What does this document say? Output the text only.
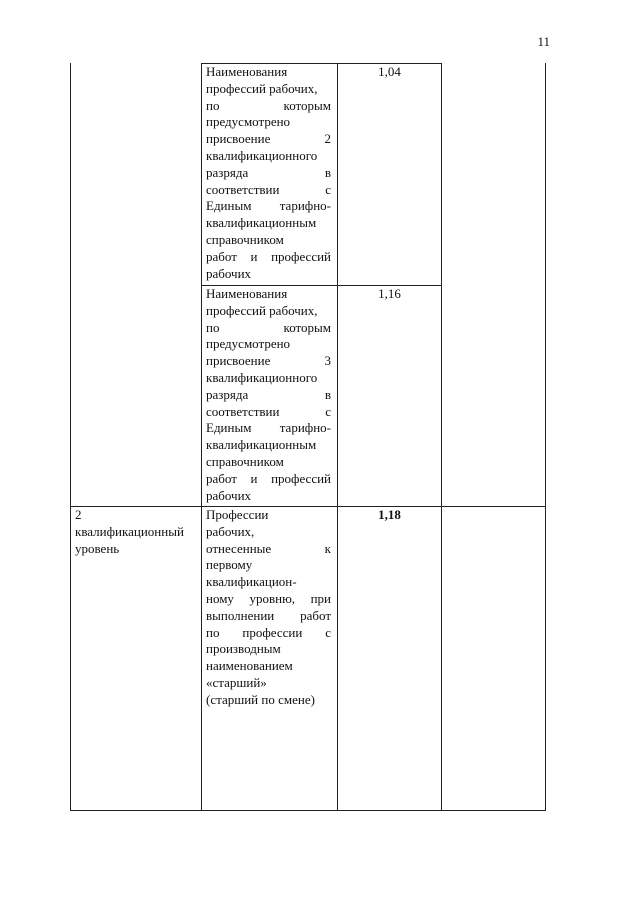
11
Наименования
профессий рабочих,
по которым
предусмотрено
присвоение 2
квалификационного
разряда в
соответствии с
Единым тарифно-
квалификационным
справочником
работ и профессий
рабочих
1,04
Наименования
профессий рабочих,
по которым
предусмотрено
присвоение 3
квалификационного
разряда в
соответствии с
Единым тарифно-
квалификационным
справочником
работ и профессий
рабочих
1,16
2
квалификационный
уровень
Профессии
рабочих,
отнесенные к
первому
квалификацион-
ному уровню, при
выполнении работ
по профессии с
производным
наименованием
«старший»
(старший по смене)
1,18
